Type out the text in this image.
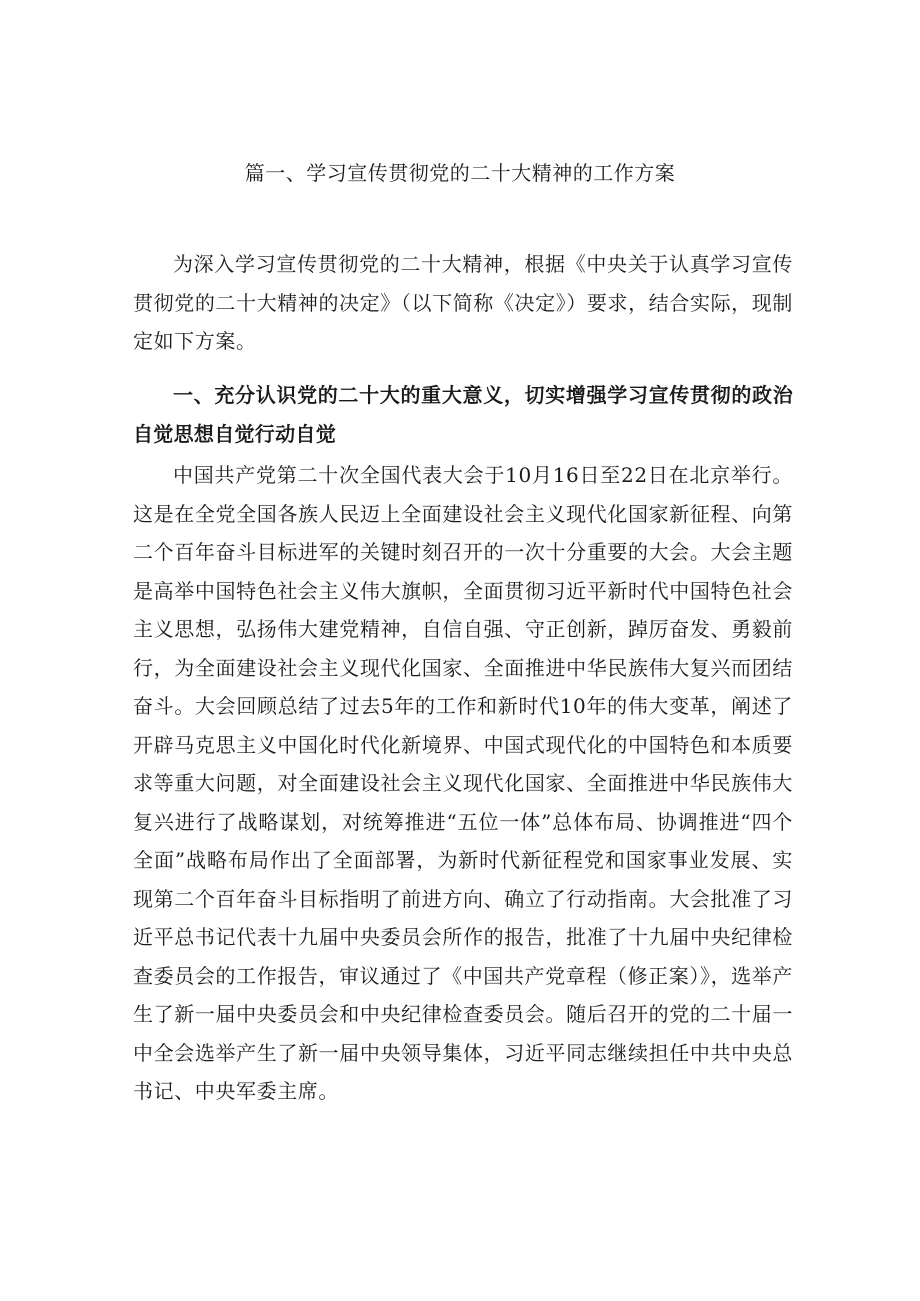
篇一、学习宣传贯彻党的二十大精神的工作方案

为深入学习宣传贯彻党的二十大精神，根据《中央关于认真学习宣传贯彻党的二十大精神的决定》（以下简称《决定》）要求，结合实际，现制定如下方案。

一、充分认识党的二十大的重大意义，切实增强学习宣传贯彻的政治自觉思想自觉行动自觉

中国共产党第二十次全国代表大会于10月16日至22日在北京举行。这是在全党全国各族人民迈上全面建设社会主义现代化国家新征程、向第二个百年奋斗目标进军的关键时刻召开的一次十分重要的大会。大会主题是高举中国特色社会主义伟大旗帜，全面贯彻习近平新时代中国特色社会主义思想，弘扬伟大建党精神，自信自强、守正创新，踔厉奋发、勇毅前行，为全面建设社会主义现代化国家、全面推进中华民族伟大复兴而团结奋斗。大会回顾总结了过去5年的工作和新时代10年的伟大变革，阐述了开辟马克思主义中国化时代化新境界、中国式现代化的中国特色和本质要求等重大问题，对全面建设社会主义现代化国家、全面推进中华民族伟大复兴进行了战略谋划，对统筹推进“五位一体”总体布局、协调推进“四个全面”战略布局作出了全面部署，为新时代新征程党和国家事业发展、实现第二个百年奋斗目标指明了前进方向、确立了行动指南。大会批准了习近平总书记代表十九届中央委员会所作的报告，批准了十九届中央纪律检查委员会的工作报告，审议通过了《中国共产党章程（修正案）》，选举产生了新一届中央委员会和中央纪律检查委员会。随后召开的党的二十届一中全会选举产生了新一届中央领导集体，习近平同志继续担任中共中央总书记、中央军委主席。
